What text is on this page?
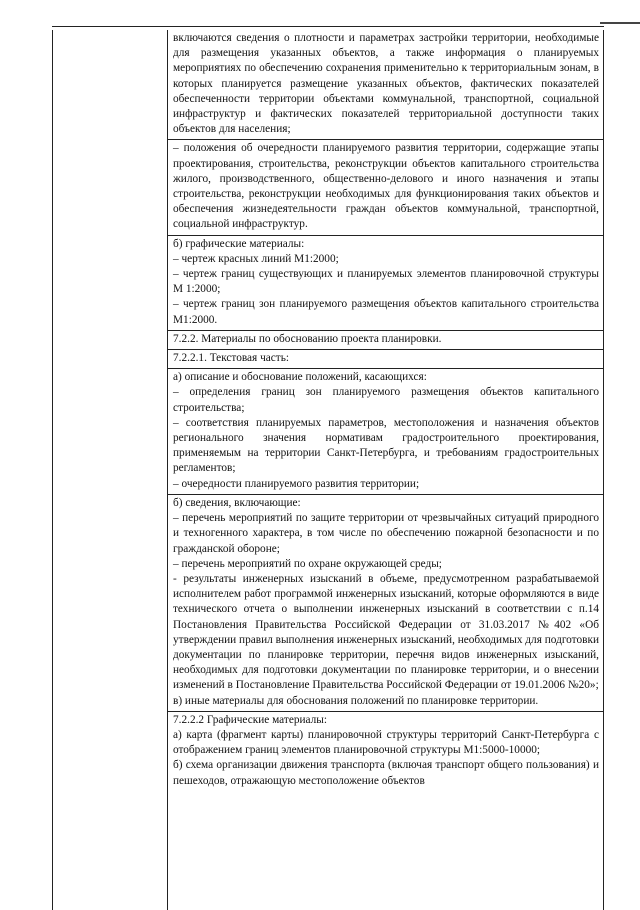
включаются сведения о плотности и параметрах застройки территории, необходимые для размещения указанных объектов, а также информация о планируемых мероприятиях по обеспечению сохранения применительно к территориальным зонам, в которых планируется размещение указанных объектов, фактических показателей обеспеченности территории объектами коммунальной, транспортной, социальной инфраструктур и фактических показателей территориальной доступности таких объектов для населения;

– положения об очередности планируемого развития территории, содержащие этапы проектирования, строительства, реконструкции объектов капитального строительства жилого, производственного, общественно-делового и иного назначения и этапы строительства, реконструкции необходимых для функционирования таких объектов и обеспечения жизнедеятельности граждан объектов коммунальной, транспортной, социальной инфраструктур.

б) графические материалы:

– чертеж красных линий М1:2000;

– чертеж границ существующих и планируемых элементов планировочной структуры М 1:2000;

– чертеж границ зон планируемого размещения объектов капитального строительства М1:2000.

7.2.2. Материалы по обоснованию проекта планировки.

7.2.2.1. Текстовая часть:

а) описание и обоснование положений, касающихся:

– определения границ зон планируемого размещения объектов капитального строительства;

– соответствия планируемых параметров, местоположения и назначения объектов регионального значения нормативам градостроительного проектирования, применяемым на территории Санкт-Петербурга, и требованиям градостроительных регламентов;

– очередности планируемого развития территории;

б) сведения, включающие:

– перечень мероприятий по защите территории от чрезвычайных ситуаций природного и техногенного характера, в том числе по обеспечению пожарной безопасности и по гражданской обороне;

– перечень мероприятий по охране окружающей среды;

- результаты инженерных изысканий в объеме, предусмотренном разрабатываемой исполнителем работ программой инженерных изысканий, которые оформляются в виде технического отчета о выполнении инженерных изысканий в соответствии с п.14 Постановления Правительства Российской Федерации от 31.03.2017 №402 «Об утверждении правил выполнения инженерных изысканий, необходимых для подготовки документации по планировке территории, перечня видов инженерных изысканий, необходимых для подготовки документации по планировке территории, и о внесении изменений в Постановление Правительства Российской Федерации от 19.01.2006 №20»;

в) иные материалы для обоснования положений по планировке территории.

7.2.2.2 Графические материалы:

а) карта (фрагмент карты) планировочной структуры территорий Санкт-Петербурга с отображением границ элементов планировочной структуры М1:5000-10000;

б) схема организации движения транспорта (включая транспорт общего пользования) и пешеходов, отражающую местоположение объектов
